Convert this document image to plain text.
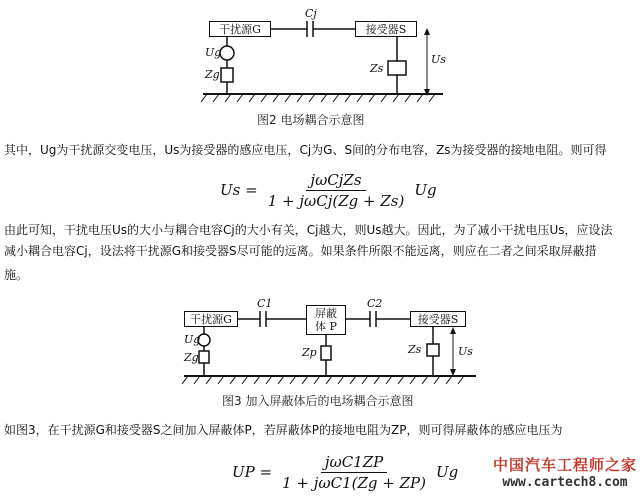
干扰源G	接受器S
Cj
Ug
Zg	Zs
Us
图2 电场耦合示意图
其中，Ug为干扰源交变电压，Us为接受器的感应电压，Cj为G、S间的分布电容，Zs为接受器的接地电阻。则可得
$Us = \frac{\text{jωCjZs}}{\text{1 + jωCj(Zg + Zs)}}$ Ug
由此可知，干扰电压Us的大小与耦合电容Cj的大小有关，Cj越大，则Us越大。因此，为了减小干扰电压Us，应设法
减小耦合电容Cj，设法将干扰源G和接受器S尽可能的远离。如果条件所限不能远离，则应在二者之间采取屏蔽措
施。
干扰源G	屏蔽
体 P
接受器S
C1	C2
Ug
Zg	Zp	Zs	Us
图3 加入屏蔽体后的电场耦合示意图
如图3，在干扰源G和接受器S之间加入屏蔽体P，若屏蔽体P的接地电阻为ZP，则可得屏蔽体的感应电压为
UP = $\frac{\text{jωC1ZP}}{\text{1 + jωC1(Zg + ZP)}}$ Ug 中国汽车工程师之家
www.cartech8.com
